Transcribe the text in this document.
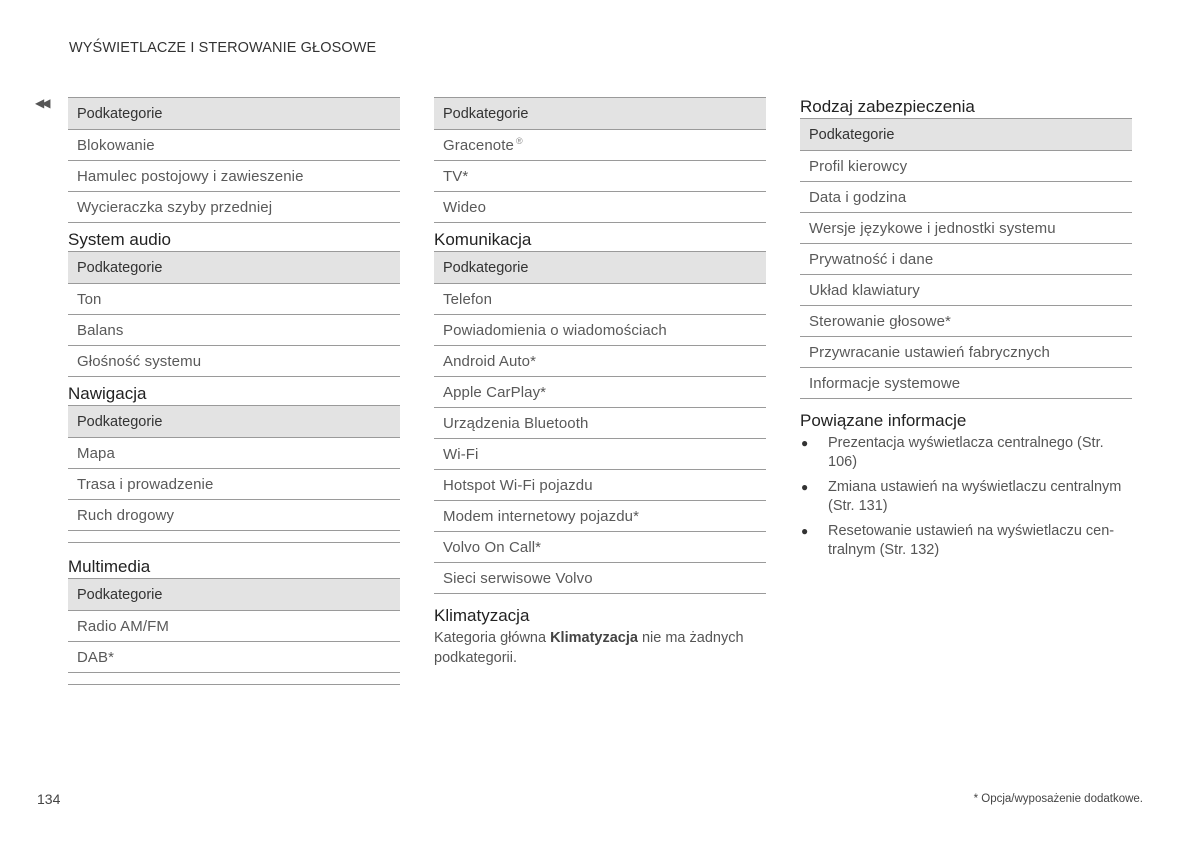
WYŚWIETLACZE I STEROWANIE GŁOSOWE
◀◀
Podkategorie
Blokowanie
Hamulec postojowy i zawieszenie
Wycieraczka szyby przedniej
System audio
Podkategorie
Ton
Balans
Głośność systemu
Nawigacja
Podkategorie
Mapa
Trasa i prowadzenie
Ruch drogowy

Multimedia
Podkategorie
Radio AM/FM
DAB*

Podkategorie
Gracenote ®
TV*
Wideo
Komunikacja
Podkategorie
Telefon
Powiadomienia o wiadomościach
Android Auto*
Apple CarPlay*
Urządzenia Bluetooth
Wi-Fi
Hotspot Wi-Fi pojazdu
Modem internetowy pojazdu*
Volvo On Call*
Sieci serwisowe Volvo
Klimatyzacja
Kategoria główna Klimatyzacja nie ma żadnych podkategorii.
Rodzaj zabezpieczenia
Podkategorie
Profil kierowcy
Data i godzina
Wersje językowe i jednostki systemu
Prywatność i dane
Układ klawiatury
Sterowanie głosowe*
Przywracanie ustawień fabrycznych
Informacje systemowe
Powiązane informacje
● Prezentacja wyświetlacza centralnego (Str. 106)
● Zmiana ustawień na wyświetlaczu centralnym (Str. 131)
● Resetowanie ustawień na wyświetlaczu cen-tralnym (Str. 132)
134	* Opcja/wyposażenie dodatkowe.
